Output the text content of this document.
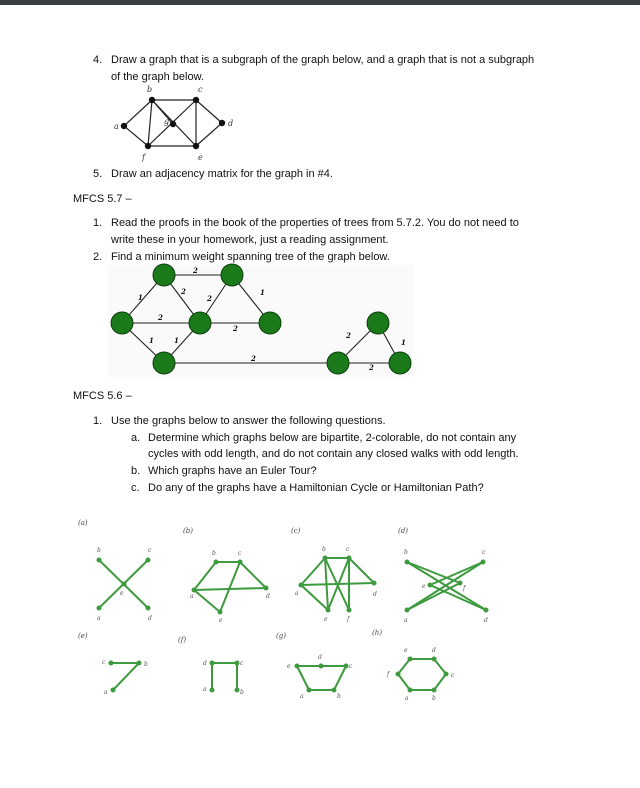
4. Draw a graph that is a subgraph of the graph below, and a graph that is not a subgraph
of the graph below.
a
b	c
d
e
f
g
5. Draw an adjacency matrix for the graph in #4.
MFCS 5.7 –
1. Read the proofs in the book of the properties of trees from 5.7.2. You do not need to
write these in your homework, just a reading assignment.
2. Find a minimum weight spanning tree of the graph below.
2
1
2	1
2
2
2
1	1
2
2
1
2
MFCS 5.6 –
1. Use the graphs below to answer the following questions.
a. Determine which graphs below are bipartite, 2-colorable, do not contain any
cycles with odd length, and do not contain any closed walks with odd length.
b. Which graphs have an Euler Tour?
c. Do any of the graphs have a Hamiltonian Cycle or Hamiltonian Path?
(a)
(b)	(c)	(d)
(e)	(f)	(g)	(h)
b	c
a	d
e
b	c
a	d
e
b	c
a	d
e	f
b	c
a	d
e	f
c	b
a
d	c
a	b
e
d
c
a	b
f
e	d
c
a	b
